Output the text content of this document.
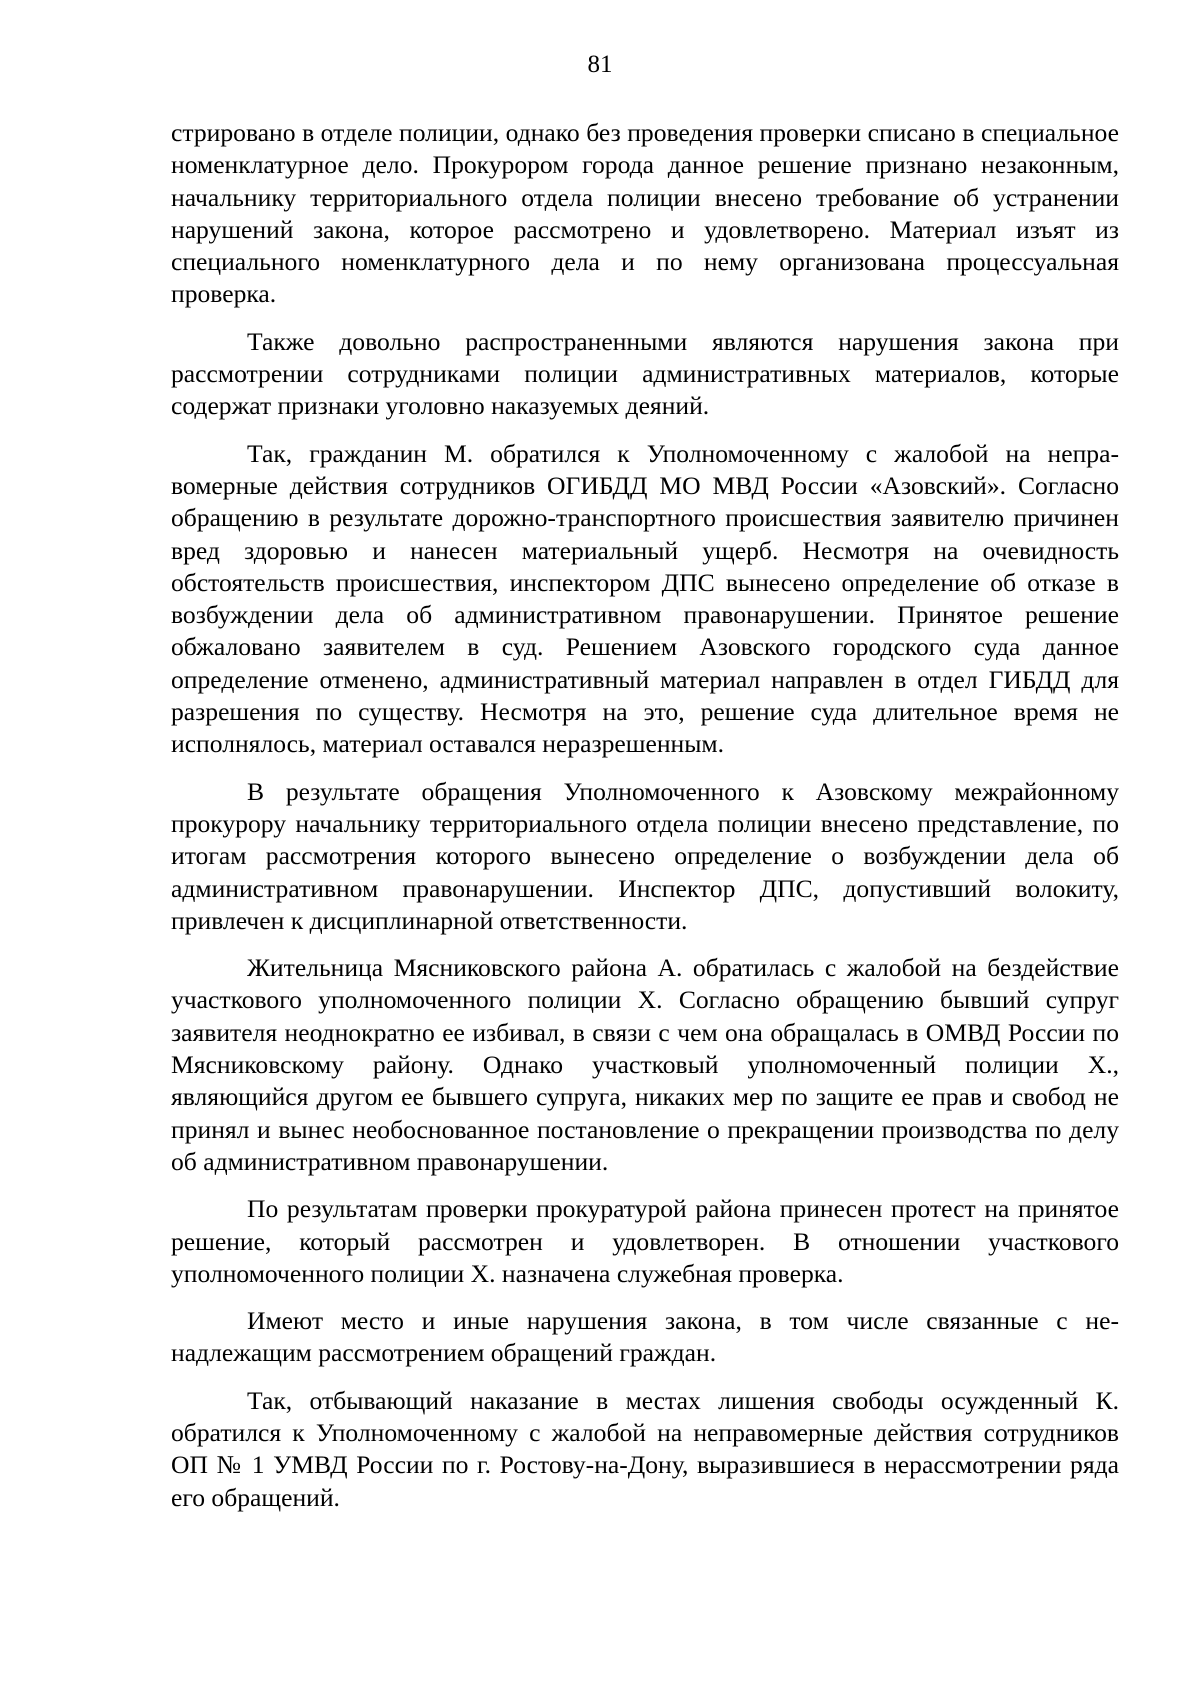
81

стрировано в отделе полиции, однако без проведения проверки списано в специальное номенклатурное дело. Прокурором города данное решение признано незаконным, начальнику территориального отдела полиции внесено требование об устранении нарушений закона, которое рассмотрено и удовлетворено. Материал изъят из специального номенклатурного дела и по нему организована процессуальная проверка.

Также довольно распространенными являются нарушения закона при рассмотрении сотрудниками полиции административных материалов, которые содержат признаки уголовно наказуемых деяний.

Так, гражданин М. обратился к Уполномоченному с жалобой на неправомерные действия сотрудников ОГИБДД МО МВД России «Азовский». Согласно обращению в результате дорожно-транспортного происшествия заявителю причинен вред здоровью и нанесен материальный ущерб. Несмотря на очевидность обстоятельств происшествия, инспектором ДПС вынесено определение об отказе в возбуждении дела об административном правонарушении. Принятое решение обжаловано заявителем в суд. Решением Азовского городского суда данное определение отменено, административный материал направлен в отдел ГИБДД для разрешения по существу. Несмотря на это, решение суда длительное время не исполнялось, материал оставался неразрешенным.

В результате обращения Уполномоченного к Азовскому межрайонному прокурору начальнику территориального отдела полиции внесено представление, по итогам рассмотрения которого вынесено определение о возбуждении дела об административном правонарушении. Инспектор ДПС, допустивший волокиту, привлечен к дисциплинарной ответственности.

Жительница Мясниковского района А. обратилась с жалобой на бездействие участкового уполномоченного полиции Х. Согласно обращению бывший супруг заявителя неоднократно ее избивал, в связи с чем она обращалась в ОМВД России по Мясниковскому району. Однако участковый уполномоченный полиции Х., являющийся другом ее бывшего супруга, никаких мер по защите ее прав и свобод не принял и вынес необоснованное постановление о прекращении производства по делу об административном правонарушении.

По результатам проверки прокуратурой района принесен протест на принятое решение, который рассмотрен и удовлетворен. В отношении участкового уполномоченного полиции Х. назначена служебная проверка.

Имеют место и иные нарушения закона, в том числе связанные с ненадлежащим рассмотрением обращений граждан.

Так, отбывающий наказание в местах лишения свободы осужденный К. обратился к Уполномоченному с жалобой на неправомерные действия сотрудников ОП № 1 УМВД России по г. Ростову-на-Дону, выразившиеся в нерассмотрении ряда его обращений.
